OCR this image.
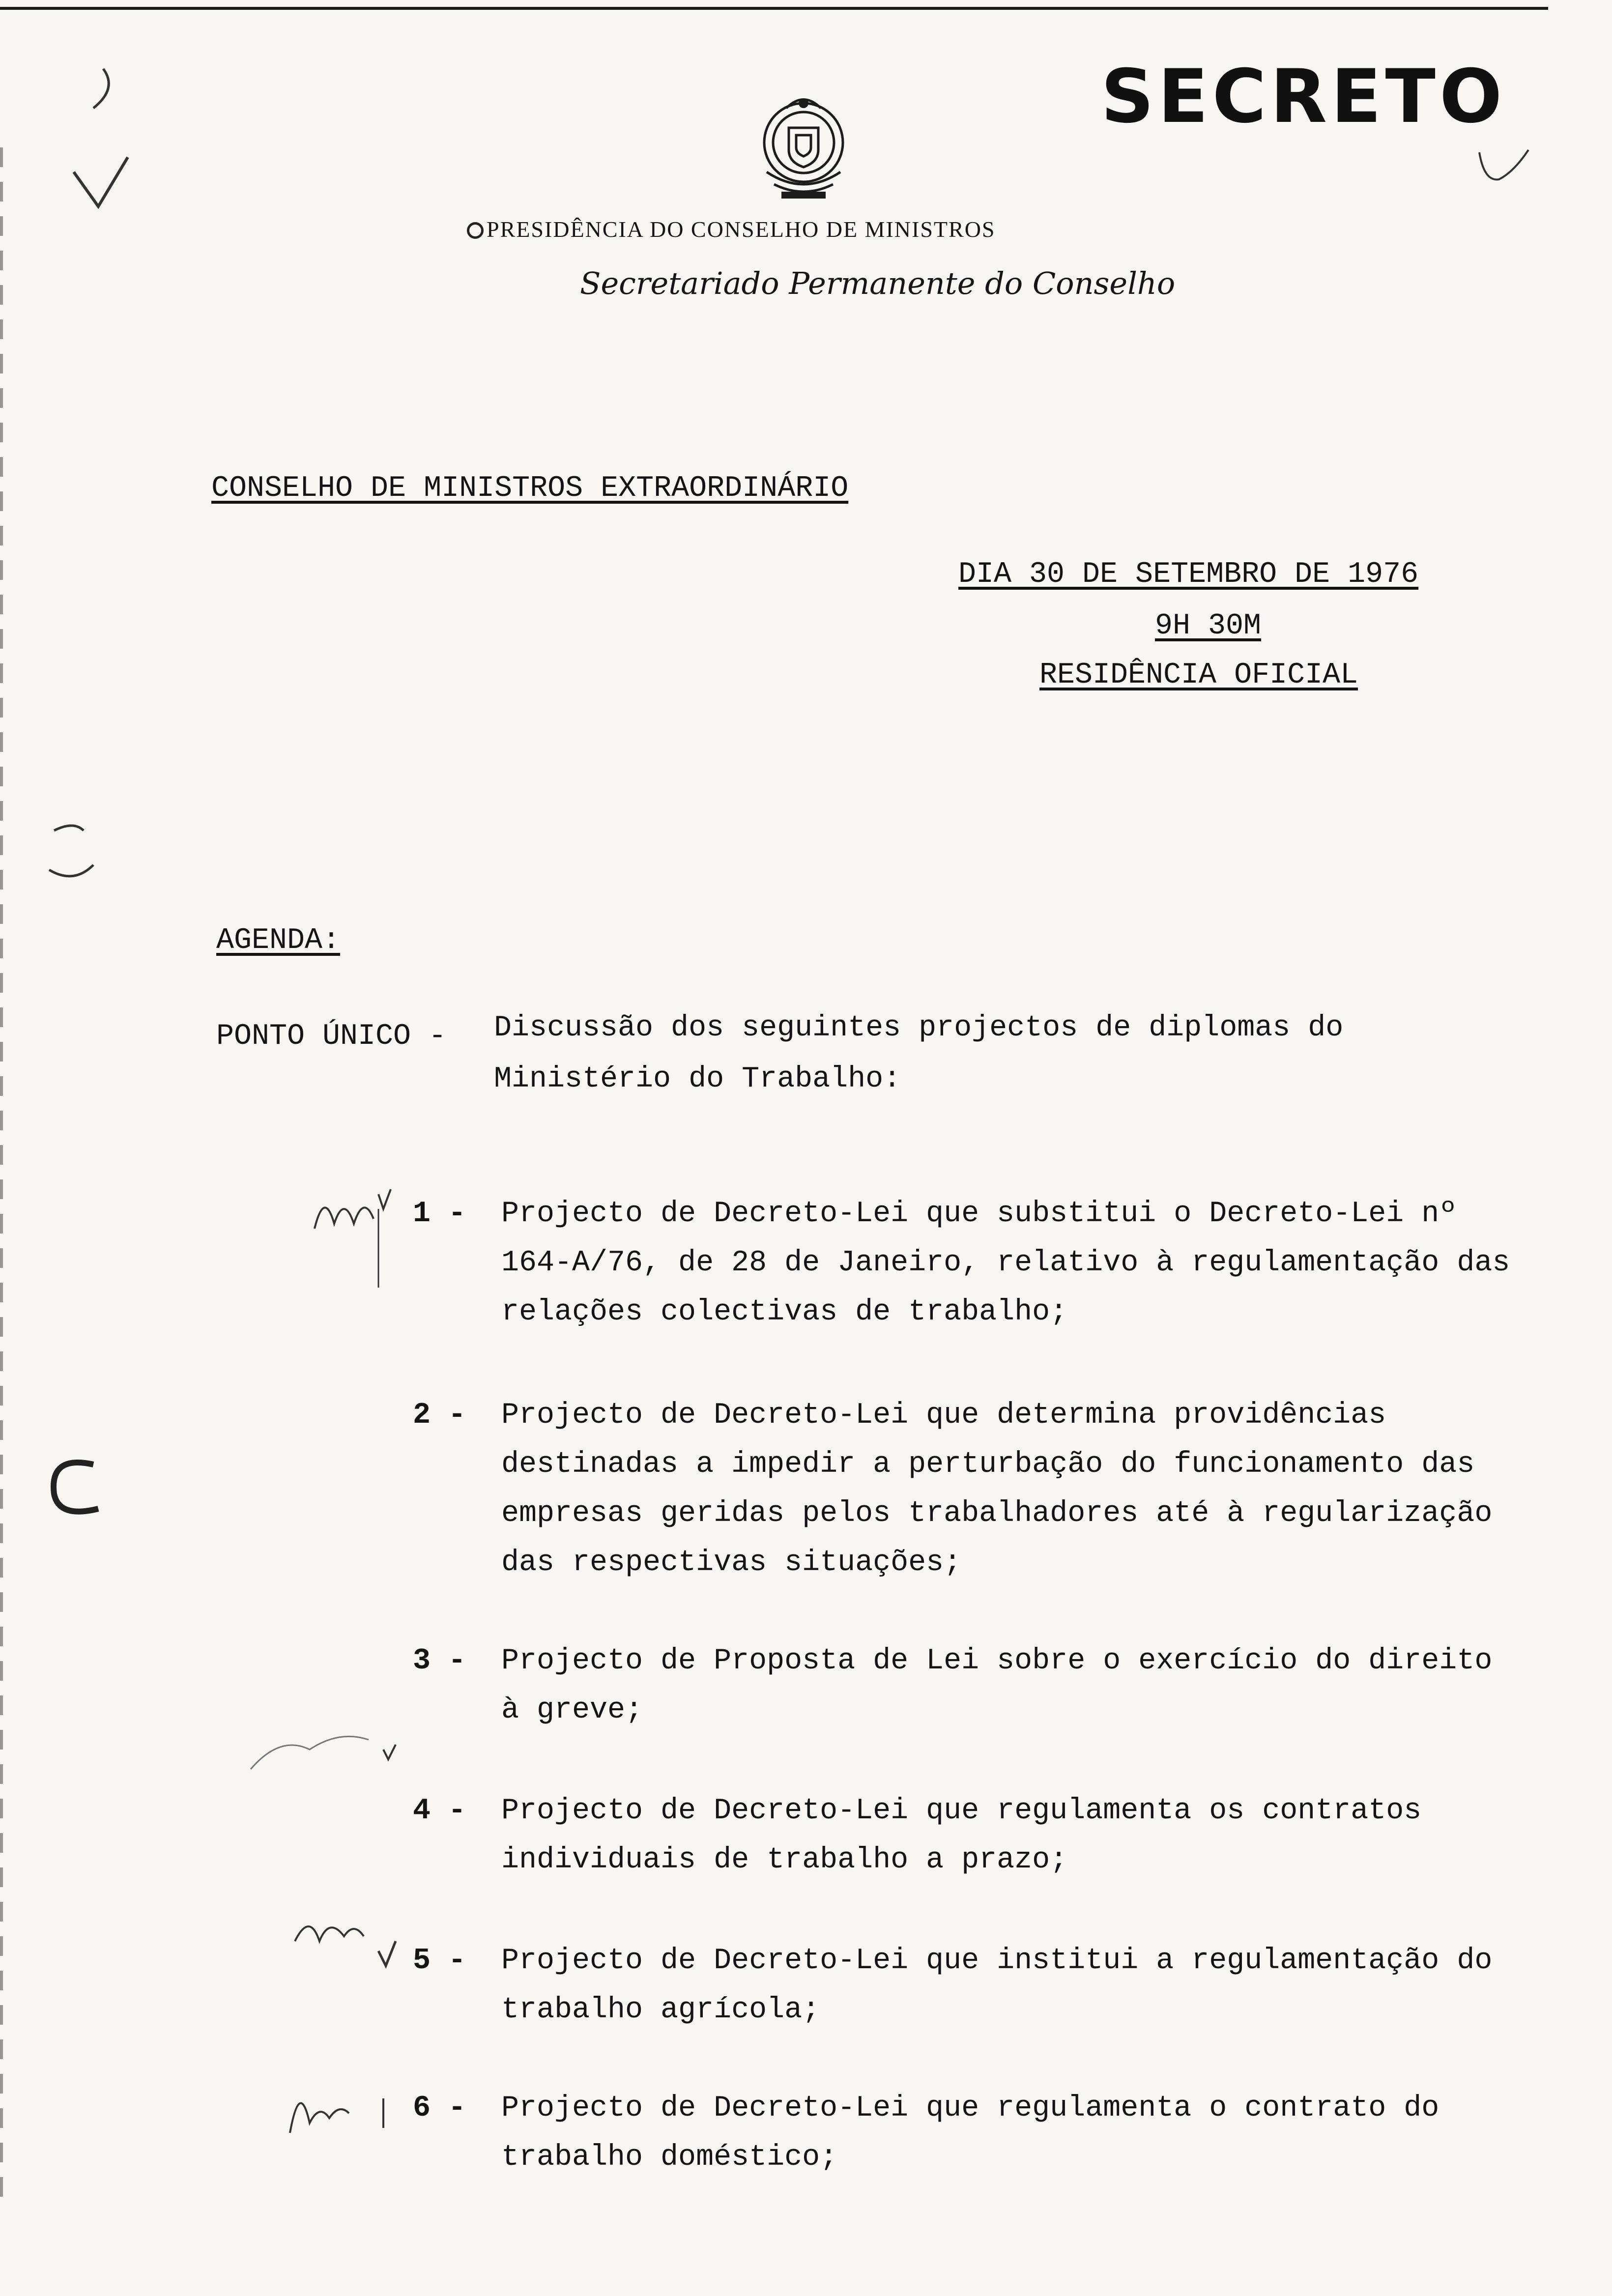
SECRETO
PRESIDÊNCIA DO CONSELHO DE MINISTROS
Secretariado Permanente do Conselho
CONSELHO DE MINISTROS EXTRAORDINÁRIO
DIA 30 DE SETEMBRO DE 1976
9H 30M
RESIDÊNCIA OFICIAL
AGENDA:
PONTO ÚNICO - Discussão dos seguintes projectos de diplomas do Ministério do Trabalho:
1 -	Projecto de Decreto-Lei que substitui o Decreto-Lei nº 164-A/76, de 28 de Janeiro, relativo à regulamentação das relações colectivas de trabalho;
2 -	Projecto de Decreto-Lei que determina providências destinadas a impedir a perturbação do funcionamento das empresas geridas pelos trabalhadores até à regularização das respectivas situações;
3 -	Projecto de Proposta de Lei sobre o exercício do direito à greve;
4 -	Projecto de Decreto-Lei que regulamenta os contratos individuais de trabalho a prazo;
5 -	Projecto de Decreto-Lei que institui a regulamentação do trabalho agrícola;
6 -	Projecto de Decreto-Lei que regulamenta o contrato do trabalho doméstico;
